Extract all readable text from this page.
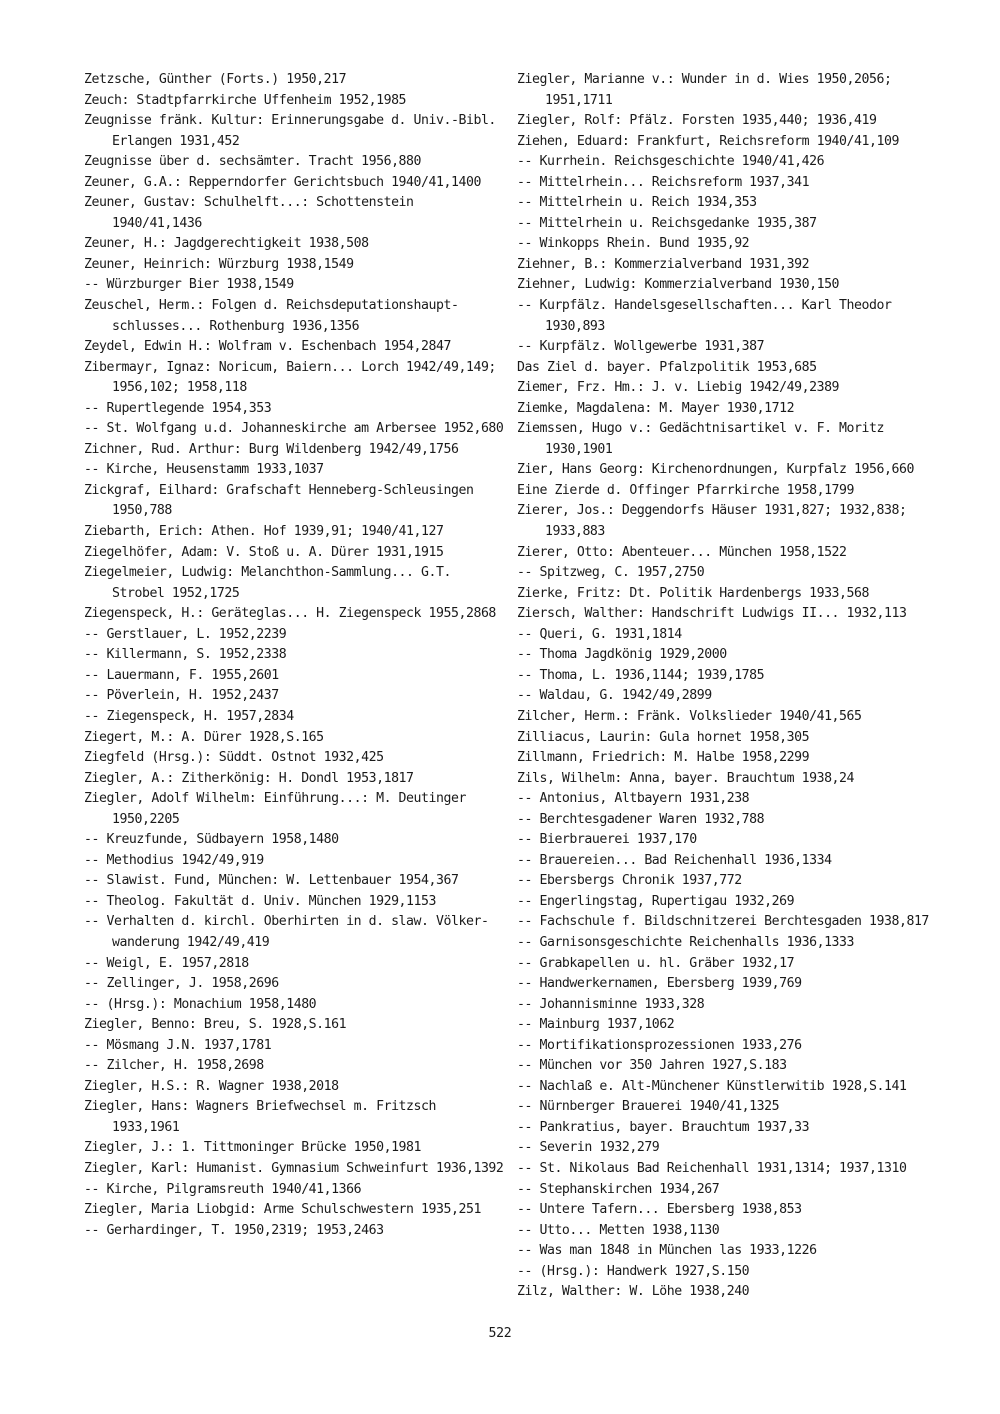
Zetzsche, Günther (Forts.) 1950,217
Zeuch: Stadtpfarrkirche Uffenheim 1952,1985
Zeugnisse fränk. Kultur: Erinnerungsgabe d. Univ.-Bibl. Erlangen 1931,452
Zeugnisse über d. sechsämter. Tracht 1956,880
Zeuner, G.A.: Repperndorfer Gerichtsbuch 1940/41,1400
Zeuner, Gustav: Schulhelft...: Schottenstein 1940/41,1436
Zeuner, H.: Jagdgerechtigkeit 1938,508
Zeuner, Heinrich: Würzburg 1938,1549
-- Würzburger Bier 1938,1549
Zeuschel, Herm.: Folgen d. Reichsdeputationshaupt-schlusses... Rothenburg 1936,1356
Zeydel, Edwin H.: Wolfram v. Eschenbach 1954,2847
Zibermayr, Ignaz: Noricum, Baiern... Lorch 1942/49,149; 1956,102; 1958,118
-- Rupertlegende 1954,353
-- St. Wolfgang u.d. Johanneskirche am Arbersee 1952,680
Zichner, Rud. Arthur: Burg Wildenberg 1942/49,1756
-- Kirche, Heusenstamm 1933,1037
Zickgraf, Eilhard: Grafschaft Henneberg-Schleusingen 1950,788
Ziebarth, Erich: Athen. Hof 1939,91; 1940/41,127
Ziegelhöfer, Adam: V. Stoß u. A. Dürer 1931,1915
Ziegelmeier, Ludwig: Melanchthon-Sammlung... G.T. Strobel 1952,1725
Ziegenspeck, H.: Geräteglas... H. Ziegenspeck 1955,2868
-- Gerstlauer, L. 1952,2239
-- Killermann, S. 1952,2338
-- Lauermann, F. 1955,2601
-- Pöverlein, H. 1952,2437
-- Ziegenspeck, H. 1957,2834
Ziegert, M.: A. Dürer 1928,S.165
Ziegfeld (Hrsg.): Süddt. Ostnot 1932,425
Ziegler, A.: Zitherkönig: H. Dondl 1953,1817
Ziegler, Adolf Wilhelm: Einführung...: M. Deutinger 1950,2205
-- Kreuzfunde, Südbayern 1958,1480
-- Methodius 1942/49,919
-- Slawist. Fund, München: W. Lettenbauer 1954,367
-- Theolog. Fakultät d. Univ. München 1929,1153
-- Verhalten d. kirchl. Oberhirten in d. slaw. Völker-wanderung 1942/49,419
-- Weigl, E. 1957,2818
-- Zellinger, J. 1958,2696
-- (Hrsg.): Monachium 1958,1480
Ziegler, Benno: Breu, S. 1928,S.161
-- Mösmang J.N. 1937,1781
-- Zilcher, H. 1958,2698
Ziegler, H.S.: R. Wagner 1938,2018
Ziegler, Hans: Wagners Briefwechsel m. Fritzsch 1933,1961
Ziegler, J.: 1. Tittmoninger Brücke 1950,1981
Ziegler, Karl: Humanist. Gymnasium Schweinfurt 1936,1392
-- Kirche, Pilgramsreuth 1940/41,1366
Ziegler, Maria Liobgid: Arme Schulschwestern 1935,251
-- Gerhardinger, T. 1950,2319; 1953,2463
Ziegler, Marianne v.: Wunder in d. Wies 1950,2056; 1951,1711
Ziegler, Rolf: Pfälz. Forsten 1935,440; 1936,419
Ziehen, Eduard: Frankfurt, Reichsreform 1940/41,109
-- Kurrhein. Reichsgeschichte 1940/41,426
-- Mittelrhein... Reichsreform 1937,341
-- Mittelrhein u. Reich 1934,353
-- Mittelrhein u. Reichsgedanke 1935,387
-- Winkopps Rhein. Bund 1935,92
Ziehner, B.: Kommerzialverband 1931,392
Ziehner, Ludwig: Kommerzialverband 1930,150
-- Kurpfälz. Handelsgesellschaften... Karl Theodor 1930,893
-- Kurpfälz. Wollgewerbe 1931,387
Das Ziel d. bayer. Pfalzpolitik 1953,685
Ziemer, Frz. Hm.: J. v. Liebig 1942/49,2389
Ziemke, Magdalena: M. Mayer 1930,1712
Ziemssen, Hugo v.: Gedächtnisartikel v. F. Moritz 1930,1901
Zier, Hans Georg: Kirchenordnungen, Kurpfalz 1956,660
Eine Zierde d. Offinger Pfarrkirche 1958,1799
Zierer, Jos.: Deggendorfs Häuser 1931,827; 1932,838; 1933,883
Zierer, Otto: Abenteuer... München 1958,1522
-- Spitzweg, C. 1957,2750
Zierke, Fritz: Dt. Politik Hardenbergs 1933,568
Ziersch, Walther: Handschrift Ludwigs II... 1932,113
-- Queri, G. 1931,1814
-- Thoma Jagdkönig 1929,2000
-- Thoma, L. 1936,1144; 1939,1785
-- Waldau, G. 1942/49,2899
Zilcher, Herm.: Fränk. Volkslieder 1940/41,565
Zilliacus, Laurin: Gula hornet 1958,305
Zillmann, Friedrich: M. Halbe 1958,2299
Zils, Wilhelm: Anna, bayer. Brauchtum 1938,24
-- Antonius, Altbayern 1931,238
-- Berchtesgadener Waren 1932,788
-- Bierbrauerei 1937,170
-- Brauereien... Bad Reichenhall 1936,1334
-- Ebersbergs Chronik 1937,772
-- Engerlingstag, Rupertigau 1932,269
-- Fachschule f. Bildschnitzerei Berchtesgaden 1938,817
-- Garnisonsgeschichte Reichenhalls 1936,1333
-- Grabkapellen u. hl. Gräber 1932,17
-- Handwerkernamen, Ebersberg 1939,769
-- Johannisminne 1933,328
-- Mainburg 1937,1062
-- Mortifikationsprozessionen 1933,276
-- München vor 350 Jahren 1927,S.183
-- Nachlaß e. Alt-Münchener Künstlerwitib 1928,S.141
-- Nürnberger Brauerei 1940/41,1325
-- Pankratius, bayer. Brauchtum 1937,33
-- Severin 1932,279
-- St. Nikolaus Bad Reichenhall 1931,1314; 1937,1310
-- Stephanskirchen 1934,267
-- Untere Tafern... Ebersberg 1938,853
-- Utto... Metten 1938,1130
-- Was man 1848 in München las 1933,1226
-- (Hrsg.): Handwerk 1927,S.150
Zilz, Walther: W. Löhe 1938,240
522
